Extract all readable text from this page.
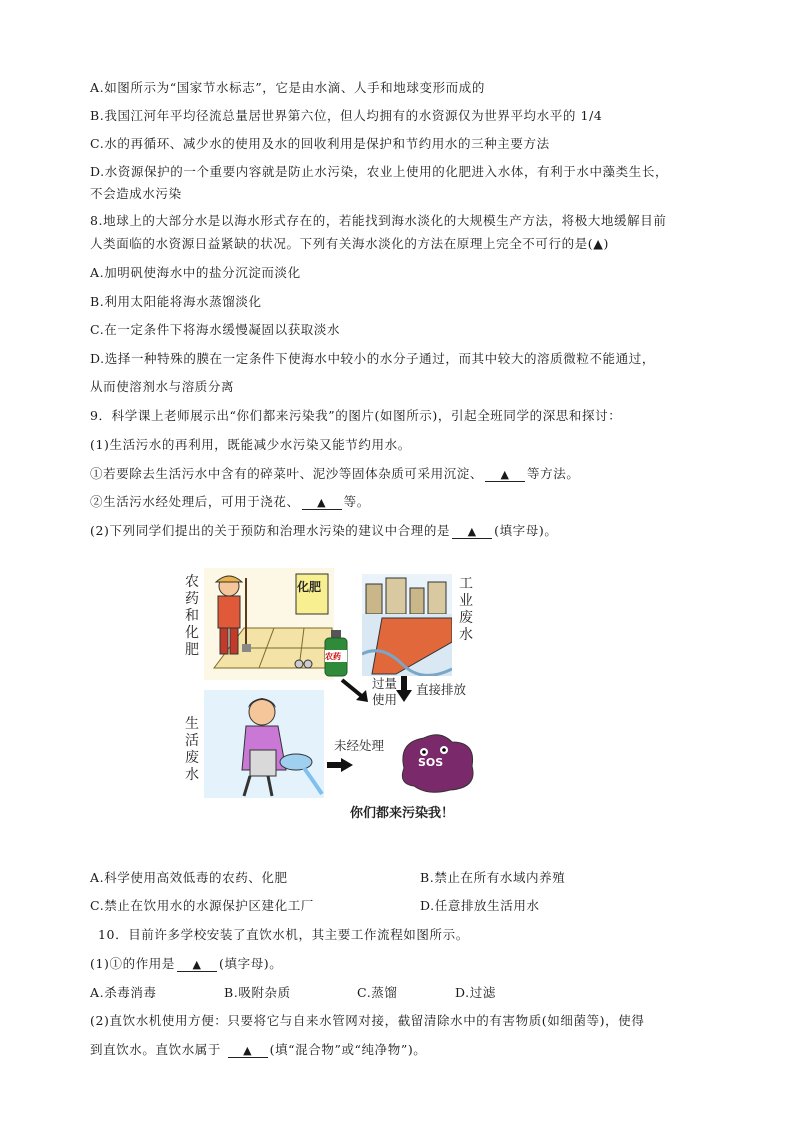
A.如图所示为“国家节水标志”，它是由水滴、人手和地球变形而成的
B.我国江河年平均径流总量居世界第六位，但人均拥有的水资源仅为世界平均水平的 1/4
C.水的再循环、减少水的使用及水的回收利用是保护和节约用水的三种主要方法
D.水资源保护的一个重要内容就是防止水污染，农业上使用的化肥进入水体，有利于水中藻类生长，
不会造成水污染
8.地球上的大部分水是以海水形式存在的，若能找到海水淡化的大规模生产方法，将极大地缓解目前
人类面临的水资源日益紧缺的状况。下列有关海水淡化的方法在原理上完全不可行的是(▲)
A.加明矾使海水中的盐分沉淀而淡化
B.利用太阳能将海水蒸馏淡化
C.在一定条件下将海水缓慢凝固以获取淡水
D.选择一种特殊的膜在一定条件下使海水中较小的水分子通过，而其中较大的溶质微粒不能通过，
从而使溶剂水与溶质分离
9．科学课上老师展示出“你们都来污染我”的图片(如图所示)，引起全班同学的深思和探讨：
(1)生活污水的再利用，既能减少水污染又能节约用水。
①若要除去生活污水中含有的碎菜叶、泥沙等固体杂质可采用沉淀、 ▲ 等方法。
②生活污水经处理后，可用于浇花、 ▲ 等。
(2)下列同学们提出的关于预防和治理水污染的建议中合理的是 ▲ (填字母)。
农药和化肥
化肥
农药
工业废水
过量使用
直接排放
生活废水
未经处理
SOS
你们都来污染我！
A.科学使用高效低毒的农药、化肥	B.禁止在所有水域内养殖
C.禁止在饮用水的水源保护区建化工厂	D.任意排放生活用水
10．目前许多学校安装了直饮水机，其主要工作流程如图所示。
(1)①的作用是 ▲ (填字母)。
A.杀毒消毒	B.吸附杂质	C.蒸馏	D.过滤
(2)直饮水机使用方便：只要将它与自来水管网对接，截留清除水中的有害物质(如细菌等)，使得
到直饮水。直饮水属于 ▲ (填“混合物”或“纯净物”)。
